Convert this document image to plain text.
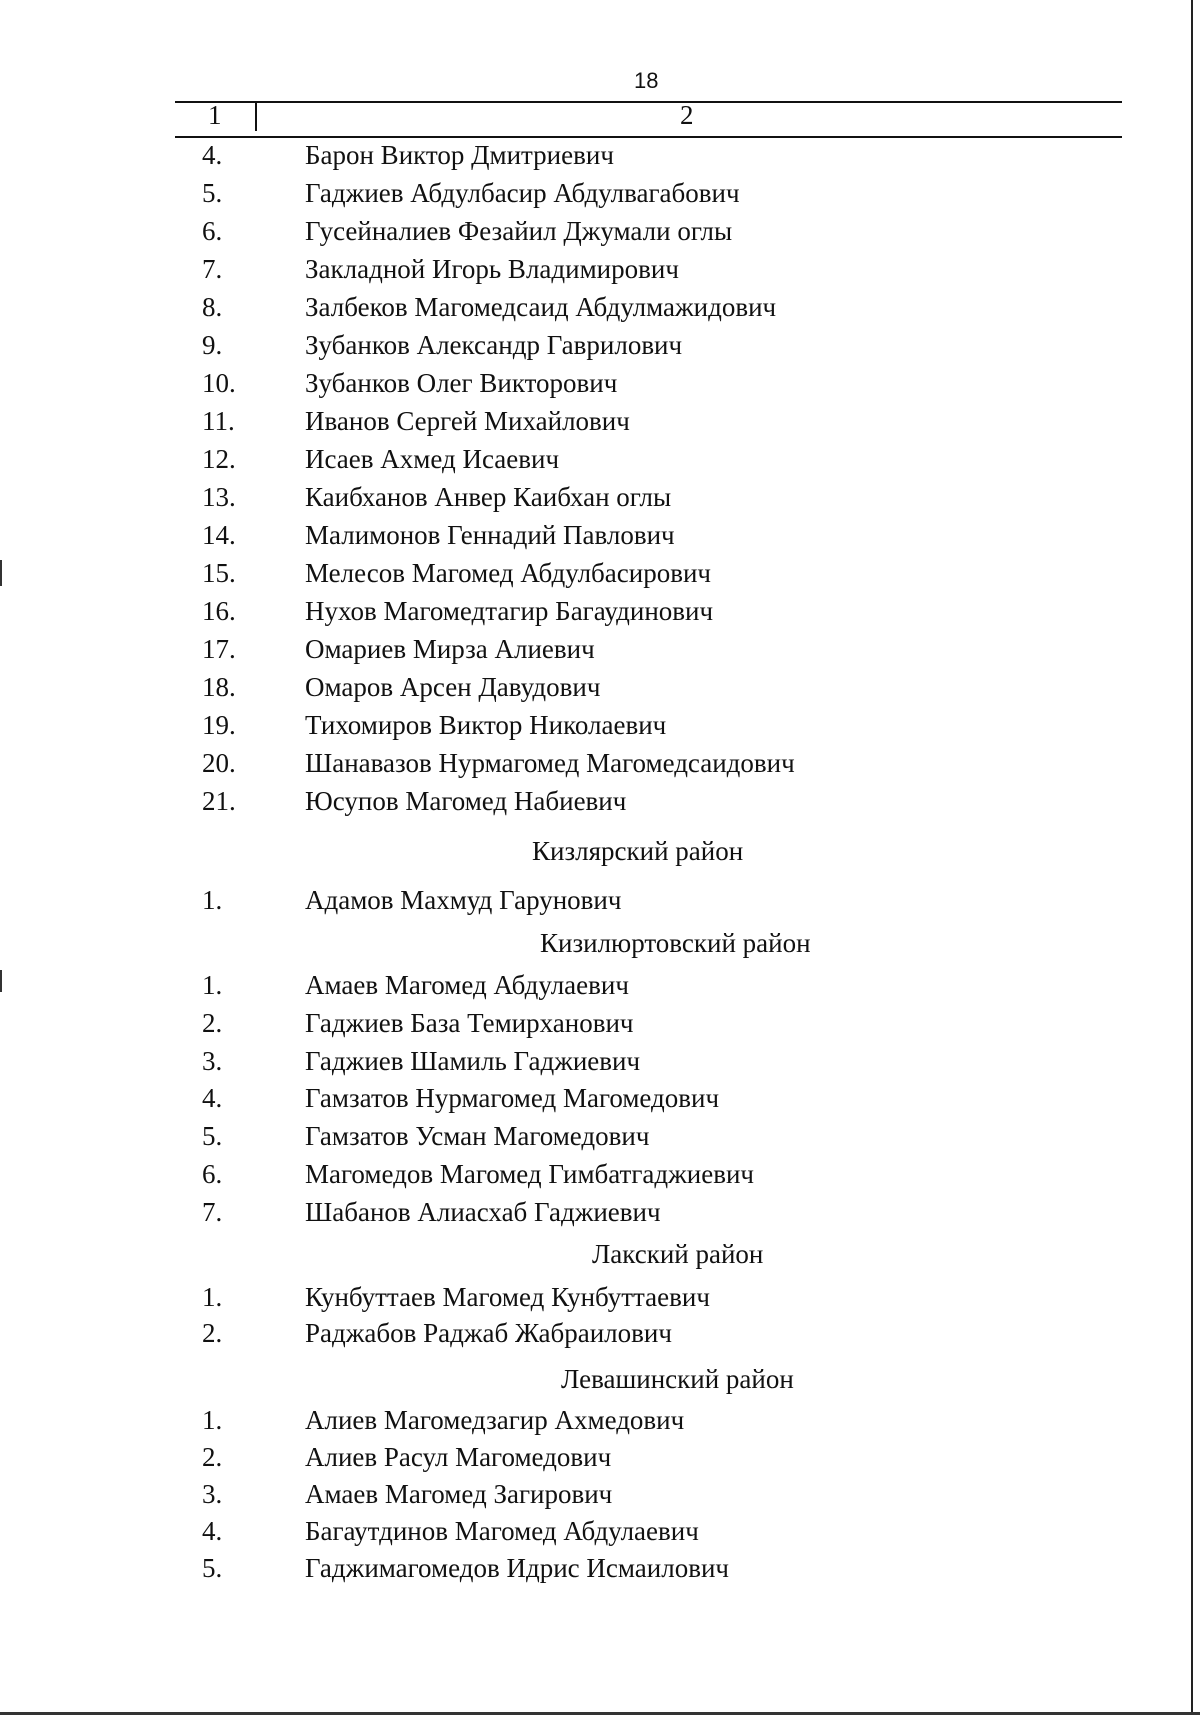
18
1	2
4.	Барон Виктор Дмитриевич
5.	Гаджиев Абдулбасир Абдулвагабович
6.	Гусейналиев Фезайил Джумали оглы
7.	Закладной Игорь Владимирович
8.	Залбеков Магомедсаид Абдулмажидович
9.	Зубанков Александр Гаврилович
10.	Зубанков Олег Викторович
11.	Иванов Сергей Михайлович
12.	Исаев Ахмед Исаевич
13.	Каибханов Анвер Каибхан оглы
14.	Малимонов Геннадий Павлович
15.	Мелесов Магомед Абдулбасирович
16.	Нухов Магомедтагир Багаудинович
17.	Омариев Мирза Алиевич
18.	Омаров Арсен Давудович
19.	Тихомиров Виктор Николаевич
20.	Шанавазов Нурмагомед Магомедсаидович
21.	Юсупов Магомед Набиевич
Кизлярский район
1.	Адамов Махмуд Гарунович
Кизилюртовский район
1.	Амаев Магомед Абдулаевич
2.	Гаджиев База Темирханович
3.	Гаджиев Шамиль Гаджиевич
4.	Гамзатов Нурмагомед Магомедович
5.	Гамзатов Усман Магомедович
6.	Магомедов Магомед Гимбатгаджиевич
7.	Шабанов Алиасхаб Гаджиевич
Лакский район
1.	Кунбуттаев Магомед Кунбуттаевич
2.	Раджабов Раджаб Жабраилович
Левашинский район
1.	Алиев Магомедзагир Ахмедович
2.	Алиев Расул Магомедович
3.	Амаев Магомед Загирович
4.	Багаутдинов Магомед Абдулаевич
5.	Гаджимагомедов Идрис Исмаилович
